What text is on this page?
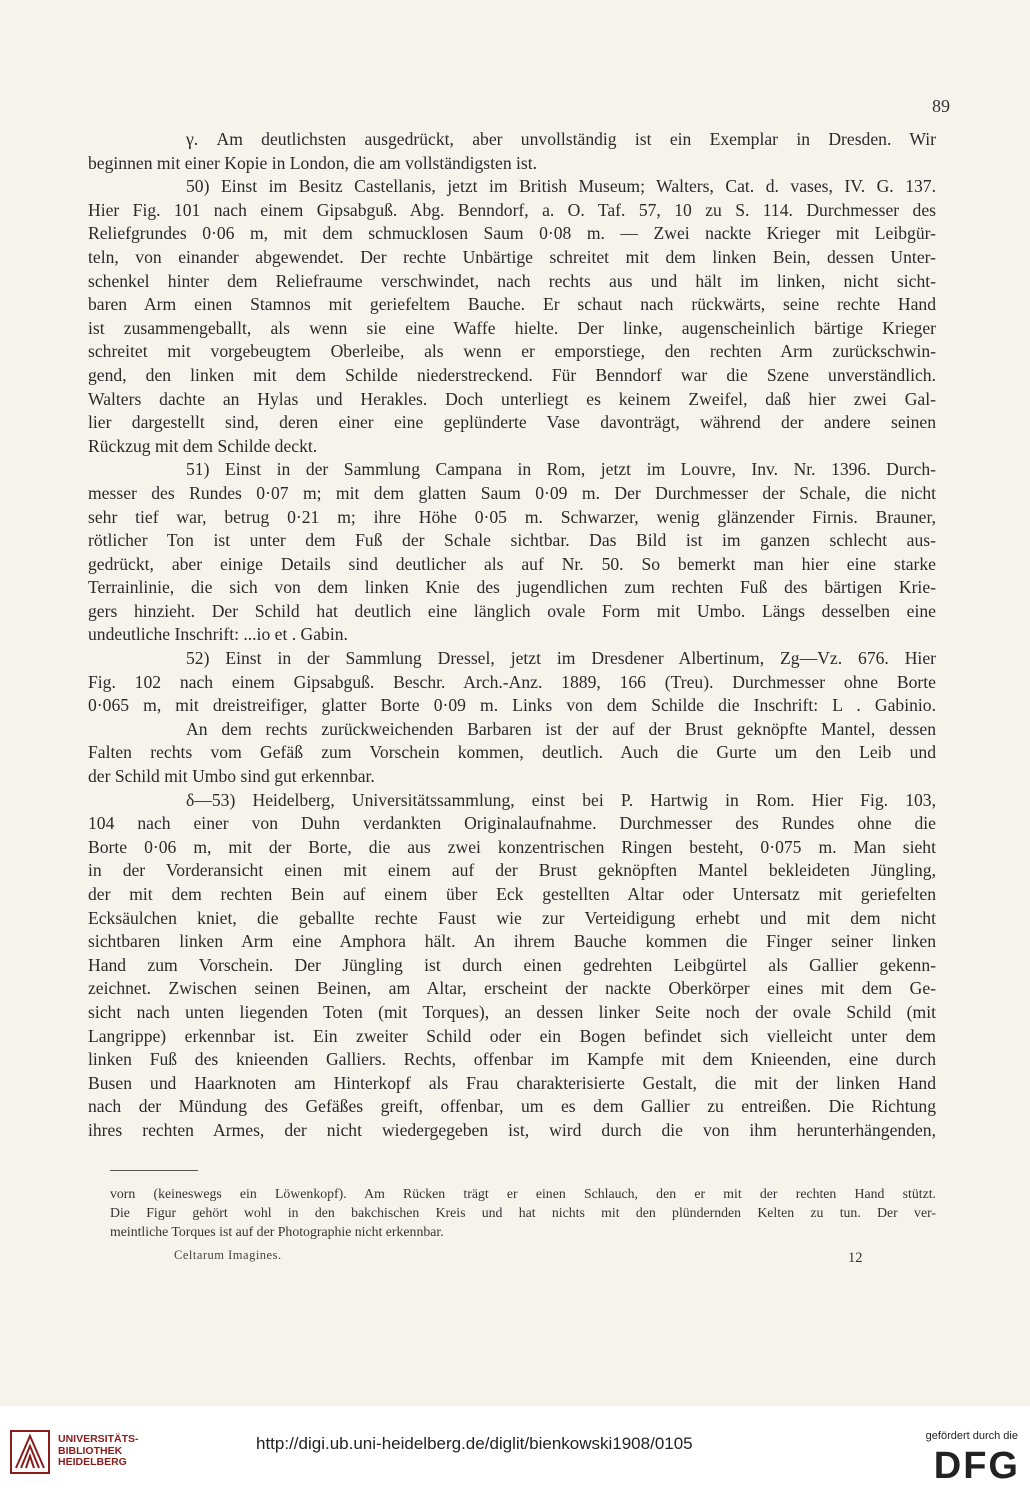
89
γ. Am deutlichsten ausgedrückt, aber unvollständig ist ein Exemplar in Dresden. Wir
beginnen mit einer Kopie in London, die am vollständigsten ist.
50) Einst im Besitz Castellanis, jetzt im British Museum; Walters, Cat. d. vases, IV. G. 137.
Hier Fig. 101 nach einem Gipsabguß. Abg. Benndorf, a. O. Taf. 57, 10 zu S. 114. Durchmesser des
Reliefgrundes 0·06 m, mit dem schmucklosen Saum 0·08 m. — Zwei nackte Krieger mit Leibgür-
teln, von einander abgewendet. Der rechte Unbärtige schreitet mit dem linken Bein, dessen Unter-
schenkel hinter dem Reliefraume verschwindet, nach rechts aus und hält im linken, nicht sicht-
baren Arm einen Stamnos mit geriefeltem Bauche. Er schaut nach rückwärts, seine rechte Hand
ist zusammengeballt, als wenn sie eine Waffe hielte. Der linke, augenscheinlich bärtige Krieger
schreitet mit vorgebeugtem Oberleibe, als wenn er emporstiege, den rechten Arm zurückschwin-
gend, den linken mit dem Schilde niederstreckend. Für Benndorf war die Szene unverständlich.
Walters dachte an Hylas und Herakles. Doch unterliegt es keinem Zweifel, daß hier zwei Gal-
lier dargestellt sind, deren einer eine geplünderte Vase davonträgt, während der andere seinen
Rückzug mit dem Schilde deckt.
51) Einst in der Sammlung Campana in Rom, jetzt im Louvre, Inv. Nr. 1396. Durch-
messer des Rundes 0·07 m; mit dem glatten Saum 0·09 m. Der Durchmesser der Schale, die nicht
sehr tief war, betrug 0·21 m; ihre Höhe 0·05 m. Schwarzer, wenig glänzender Firnis. Brauner,
rötlicher Ton ist unter dem Fuß der Schale sichtbar. Das Bild ist im ganzen schlecht aus-
gedrückt, aber einige Details sind deutlicher als auf Nr. 50. So bemerkt man hier eine starke
Terrainlinie, die sich von dem linken Knie des jugendlichen zum rechten Fuß des bärtigen Krie-
gers hinzieht. Der Schild hat deutlich eine länglich ovale Form mit Umbo. Längs desselben eine
undeutliche Inschrift: ...io et . Gabin.
52) Einst in der Sammlung Dressel, jetzt im Dresdener Albertinum, Zg—Vz. 676. Hier
Fig. 102 nach einem Gipsabguß. Beschr. Arch.-Anz. 1889, 166 (Treu). Durchmesser ohne Borte
0·065 m, mit dreistreifiger, glatter Borte 0·09 m. Links von dem Schilde die Inschrift: L . Gabinio.
An dem rechts zurückweichenden Barbaren ist der auf der Brust geknöpfte Mantel, dessen
Falten rechts vom Gefäß zum Vorschein kommen, deutlich. Auch die Gurte um den Leib und
der Schild mit Umbo sind gut erkennbar.
δ—53) Heidelberg, Universitätssammlung, einst bei P. Hartwig in Rom. Hier Fig. 103,
104 nach einer von Duhn verdankten Originalaufnahme. Durchmesser des Rundes ohne die
Borte 0·06 m, mit der Borte, die aus zwei konzentrischen Ringen besteht, 0·075 m. Man sieht
in der Vorderansicht einen mit einem auf der Brust geknöpften Mantel bekleideten Jüngling,
der mit dem rechten Bein auf einem über Eck gestellten Altar oder Untersatz mit geriefelten
Ecksäulchen kniet, die geballte rechte Faust wie zur Verteidigung erhebt und mit dem nicht
sichtbaren linken Arm eine Amphora hält. An ihrem Bauche kommen die Finger seiner linken
Hand zum Vorschein. Der Jüngling ist durch einen gedrehten Leibgürtel als Gallier gekenn-
zeichnet. Zwischen seinen Beinen, am Altar, erscheint der nackte Oberkörper eines mit dem Ge-
sicht nach unten liegenden Toten (mit Torques), an dessen linker Seite noch der ovale Schild (mit
Langrippe) erkennbar ist. Ein zweiter Schild oder ein Bogen befindet sich vielleicht unter dem
linken Fuß des knieenden Galliers. Rechts, offenbar im Kampfe mit dem Knieenden, eine durch
Busen und Haarknoten am Hinterkopf als Frau charakterisierte Gestalt, die mit der linken Hand
nach der Mündung des Gefäßes greift, offenbar, um es dem Gallier zu entreißen. Die Richtung
ihres rechten Armes, der nicht wiedergegeben ist, wird durch die von ihm herunterhängenden,
vorn (keineswegs ein Löwenkopf). Am Rücken trägt er einen Schlauch, den er mit der rechten Hand stützt.
Die Figur gehört wohl in den bakchischen Kreis und hat nichts mit den plündernden Kelten zu tun. Der ver-
meintliche Torques ist auf der Photographie nicht erkennbar.
Celtarum Imagines.	12
UNIVERSITÄTS-
BIBLIOTHEK
HEIDELBERG
http://digi.ub.uni-heidelberg.de/diglit/bienkowski1908/0105	gefördert durch die
DFG
